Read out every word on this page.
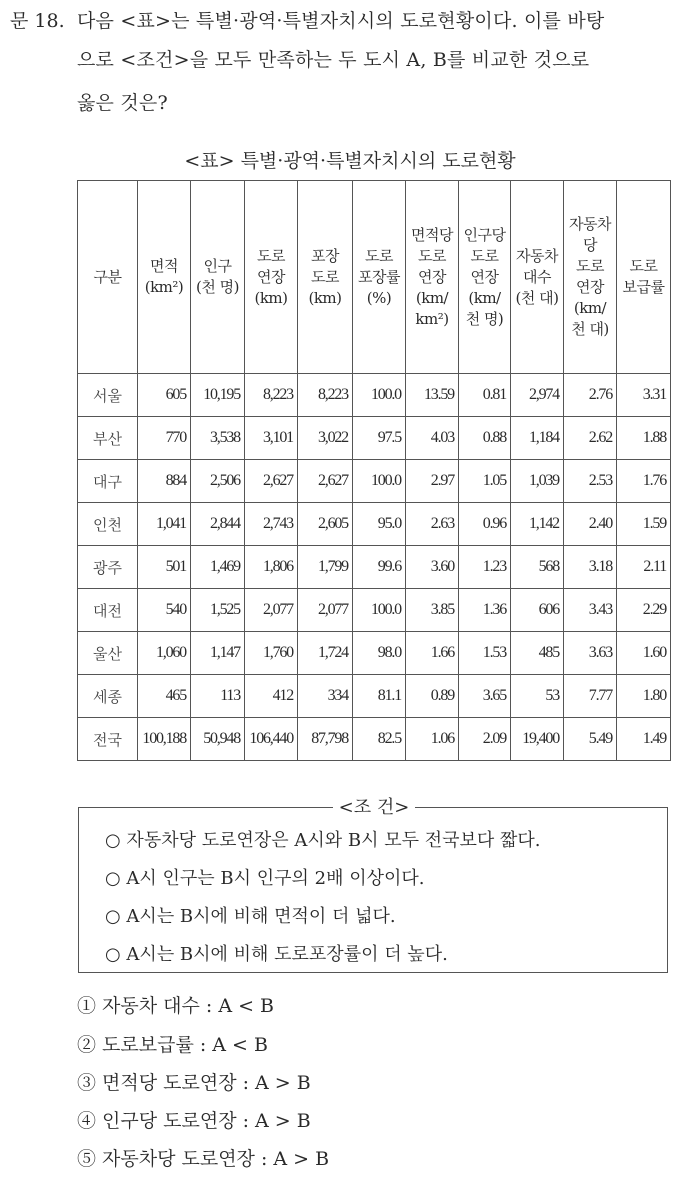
문 18. 다음 <표>는 특별·광역·특별자치시의 도로현황이다. 이를 바탕
으로 <조건>을 모두 만족하는 두 도시 A, B를 비교한 것으로
옳은 것은?
<표> 특별·광역·특별자치시의 도로현황
구분

면적
(km²)

인구
(천 명)

도로
연장
(km)

포장
도로
(km)

도로
포장률
(%)

면적당
도로
연장
(km/
km²)

인구당
도로
연장
(km/
천 명)

자동차
대수
(천 대)

자동차
당
도로
연장
(km/
천 대)

도로
보급률

서울	605	10,195	8,223	8,223	100.0	13.59	0.81	2,974	2.76	3.31
부산	770	3,538	3,101	3,022	97.5	4.03	0.88	1,184	2.62	1.88
대구	884	2,506	2,627	2,627	100.0	2.97	1.05	1,039	2.53	1.76
인천	1,041	2,844	2,743	2,605	95.0	2.63	0.96	1,142	2.40	1.59
광주	501	1,469	1,806	1,799	99.6	3.60	1.23	568	3.18	2.11
대전	540	1,525	2,077	2,077	100.0	3.85	1.36	606	3.43	2.29
울산	1,060	1,147	1,760	1,724	98.0	1.66	1.53	485	3.63	1.60
세종	465	113	412	334	81.1	0.89	3.65	53	7.77	1.80
전국	100,188	50,948	106,440	87,798	82.5	1.06	2.09	19,400	5.49	1.49
<조 건>
○ 자동차당 도로연장은 A시와 B시 모두 전국보다 짧다.
○ A시 인구는 B시 인구의 2배 이상이다.
○ A시는 B시에 비해 면적이 더 넓다.
○ A시는 B시에 비해 도로포장률이 더 높다.
① 자동차 대수 : A < B
② 도로보급률 : A < B
③ 면적당 도로연장 : A > B
④ 인구당 도로연장 : A > B
⑤ 자동차당 도로연장 : A > B
